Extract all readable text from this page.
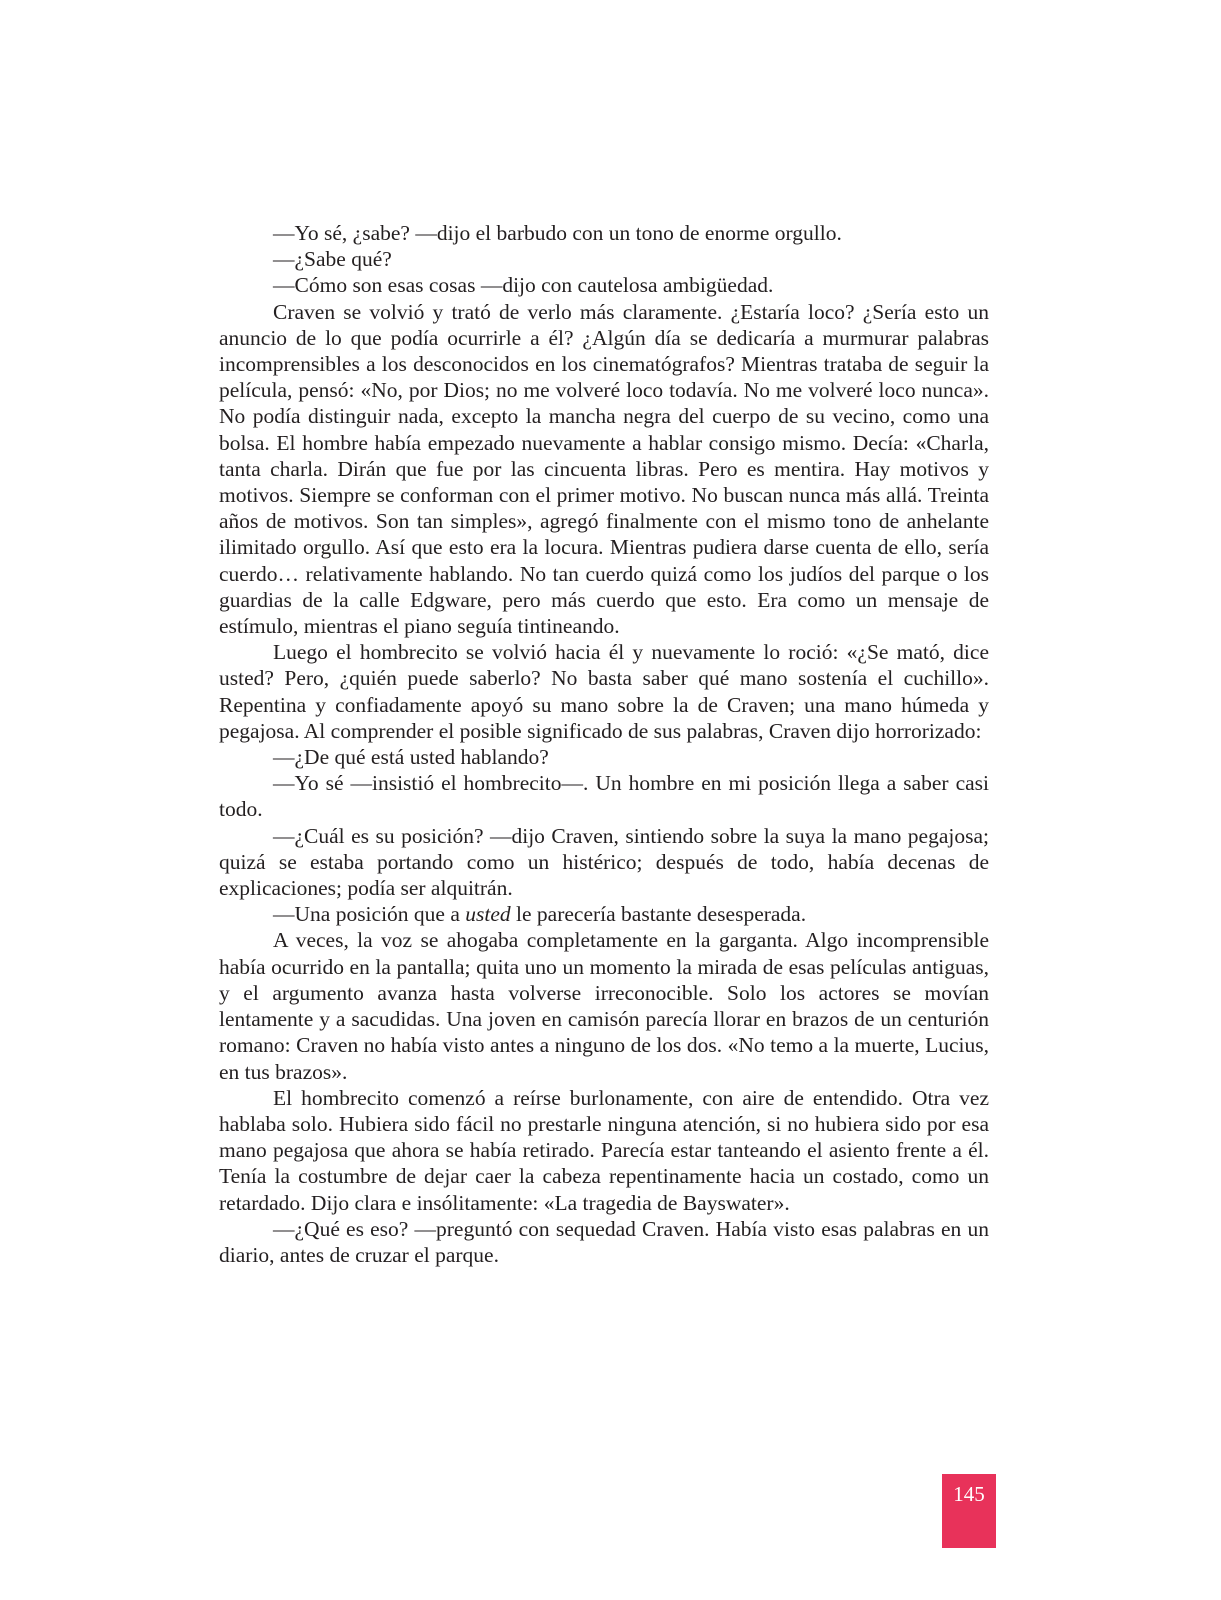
—Yo sé, ¿sabe? —dijo el barbudo con un tono de enorme orgullo.

—¿Sabe qué?

—Cómo son esas cosas —dijo con cautelosa ambigüedad.

Craven se volvió y trató de verlo más claramente. ¿Estaría loco? ¿Sería esto un anuncio de lo que podía ocurrirle a él? ¿Algún día se dedicaría a murmurar palabras incomprensibles a los desconocidos en los cinematógrafos? Mientras trataba de seguir la película, pensó: «No, por Dios; no me volveré loco todavía. No me volveré loco nunca». No podía distinguir nada, excepto la mancha negra del cuerpo de su vecino, como una bolsa. El hombre había empezado nuevamente a hablar consigo mismo. Decía: «Charla, tanta charla. Dirán que fue por las cincuenta libras. Pero es mentira. Hay motivos y motivos. Siempre se conforman con el primer motivo. No buscan nunca más allá. Treinta años de motivos. Son tan simples», agregó finalmente con el mismo tono de anhelante ilimitado orgullo. Así que esto era la locura. Mientras pudiera darse cuenta de ello, sería cuerdo… relativamente hablando. No tan cuerdo quizá como los judíos del parque o los guardias de la calle Edgware, pero más cuerdo que esto. Era como un mensaje de estímulo, mientras el piano seguía tintineando.

Luego el hombrecito se volvió hacia él y nuevamente lo roció: «¿Se mató, dice usted? Pero, ¿quién puede saberlo? No basta saber qué mano sostenía el cuchillo». Repentina y confiadamente apoyó su mano sobre la de Craven; una mano húmeda y pegajosa. Al comprender el posible significado de sus palabras, Craven dijo horrorizado:

—¿De qué está usted hablando?

—Yo sé —insistió el hombrecito—. Un hombre en mi posición llega a saber casi todo.

—¿Cuál es su posición? —dijo Craven, sintiendo sobre la suya la mano pegajosa; quizá se estaba portando como un histérico; después de todo, había decenas de explicaciones; podía ser alquitrán.

—Una posición que a usted le parecería bastante desesperada.

A veces, la voz se ahogaba completamente en la garganta. Algo incomprensible había ocurrido en la pantalla; quita uno un momento la mirada de esas películas antiguas, y el argumento avanza hasta volverse irreconocible. Solo los actores se movían lentamente y a sacudidas. Una joven en camisón parecía llorar en brazos de un centurión romano: Craven no había visto antes a ninguno de los dos. «No temo a la muerte, Lucius, en tus brazos».

El hombrecito comenzó a reírse burlonamente, con aire de entendido. Otra vez hablaba solo. Hubiera sido fácil no prestarle ninguna atención, si no hubiera sido por esa mano pegajosa que ahora se había retirado. Parecía estar tanteando el asiento frente a él. Tenía la costumbre de dejar caer la cabeza repentinamente hacia un costado, como un retardado. Dijo clara e insólitamente: «La tragedia de Bayswater».

—¿Qué es eso? —preguntó con sequedad Craven. Había visto esas palabras en un diario, antes de cruzar el parque.

145
